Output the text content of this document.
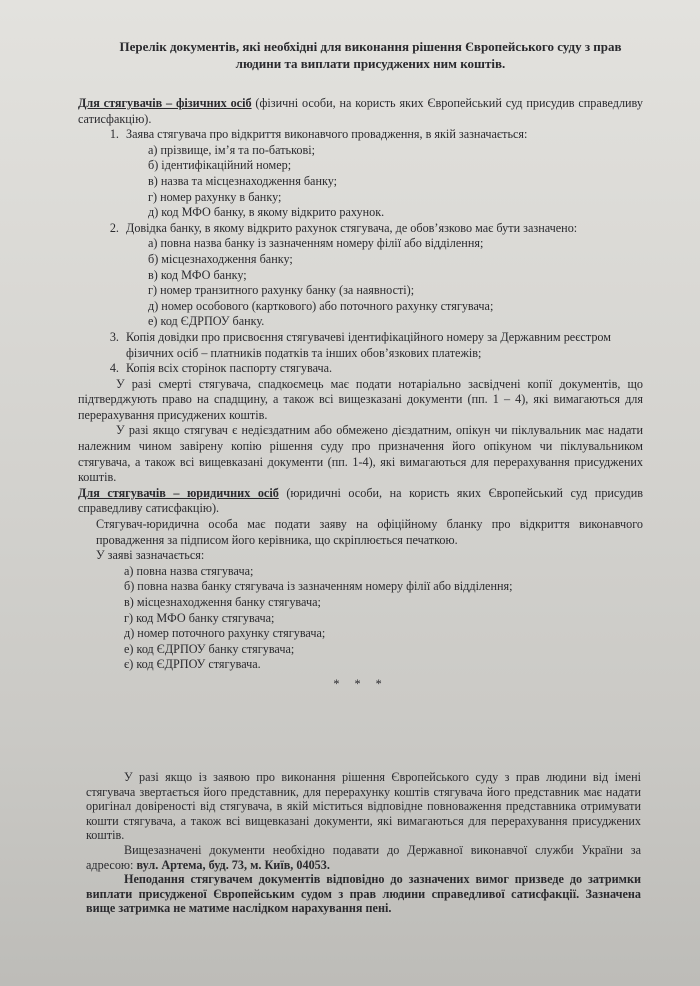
Перелік документів, які необхідні для виконання рішення Європейського суду з прав людини та виплати присуджених ним коштів.

Для стягувачів – фізичних осіб (фізичні особи, на користь яких Європейський суд присудив справедливу сатисфакцію).

1. Заява стягувача про відкриття виконавчого провадження, в якій зазначається:
а) прізвище, ім’я та по-батькові;
б) ідентифікаційний номер;
в) назва та місцезнаходження банку;
г) номер рахунку в банку;
д) код МФО банку, в якому відкрито рахунок.
2. Довідка банку, в якому відкрито рахунок стягувача, де обов’язково має бути зазначено:
а) повна назва банку із зазначенням номеру філії або відділення;
б) місцезнаходження банку;
в) код МФО банку;
г) номер транзитного рахунку банку (за наявності);
д) номер особового (карткового) або поточного рахунку стягувача;
е) код ЄДРПОУ банку.
3. Копія довідки про присвоєння стягувачеві ідентифікаційного номеру за Державним реєстром фізичних осіб – платників податків та інших обов’язкових платежів;
4. Копія всіх сторінок паспорту стягувача.

У разі смерті стягувача, спадкоємець має подати нотаріально засвідчені копії документів, що підтверджують право на спадщину, а також всі вищезказані документи (пп. 1 – 4), які вимагаються для перерахування присуджених коштів.

У разі якщо стягувач є недієздатним або обмежено дієздатним, опікун чи піклувальник має надати належним чином завірену копію рішення суду про призначення його опікуном чи піклувальником стягувача, а також всі вищевказані документи (пп. 1-4), які вимагаються для перерахування присуджених коштів.

Для стягувачів – юридичних осіб (юридичні особи, на користь яких Європейський суд присудив справедливу сатисфакцію).

Стягувач-юридична особа має подати заяву на офіційному бланку про відкриття виконавчого провадження за підписом його керівника, що скріплюється печаткою.

У заяві зазначається:

а) повна назва стягувача;
б) повна назва банку стягувача із зазначенням номеру філії або відділення;
в) місцезнаходження банку стягувача;
г) код МФО банку стягувача;
д) номер поточного рахунку стягувача;
е) код ЄДРПОУ банку стягувача;
є) код ЄДРПОУ стягувача.

* * *

У разі якщо із заявою про виконання рішення Європейського суду з прав людини від імені стягувача звертається його представник, для перерахунку коштів стягувача його представник має надати оригінал довіреності від стягувача, в якій міститься відповідне повноваження представника отримувати кошти стягувача, а також всі вищевказані документи, які вимагаються для перерахування присуджених коштів.

Вищезазначені документи необхідно подавати до Державної виконавчої служби України за адресою: вул. Артема, буд. 73, м. Київ, 04053.

Неподання стягувачем документів відповідно до зазначених вимог призведе до затримки виплати присудженої Європейським судом з прав людини справедливої сатисфакції. Зазначена вище затримка не матиме наслідком нарахування пені.
